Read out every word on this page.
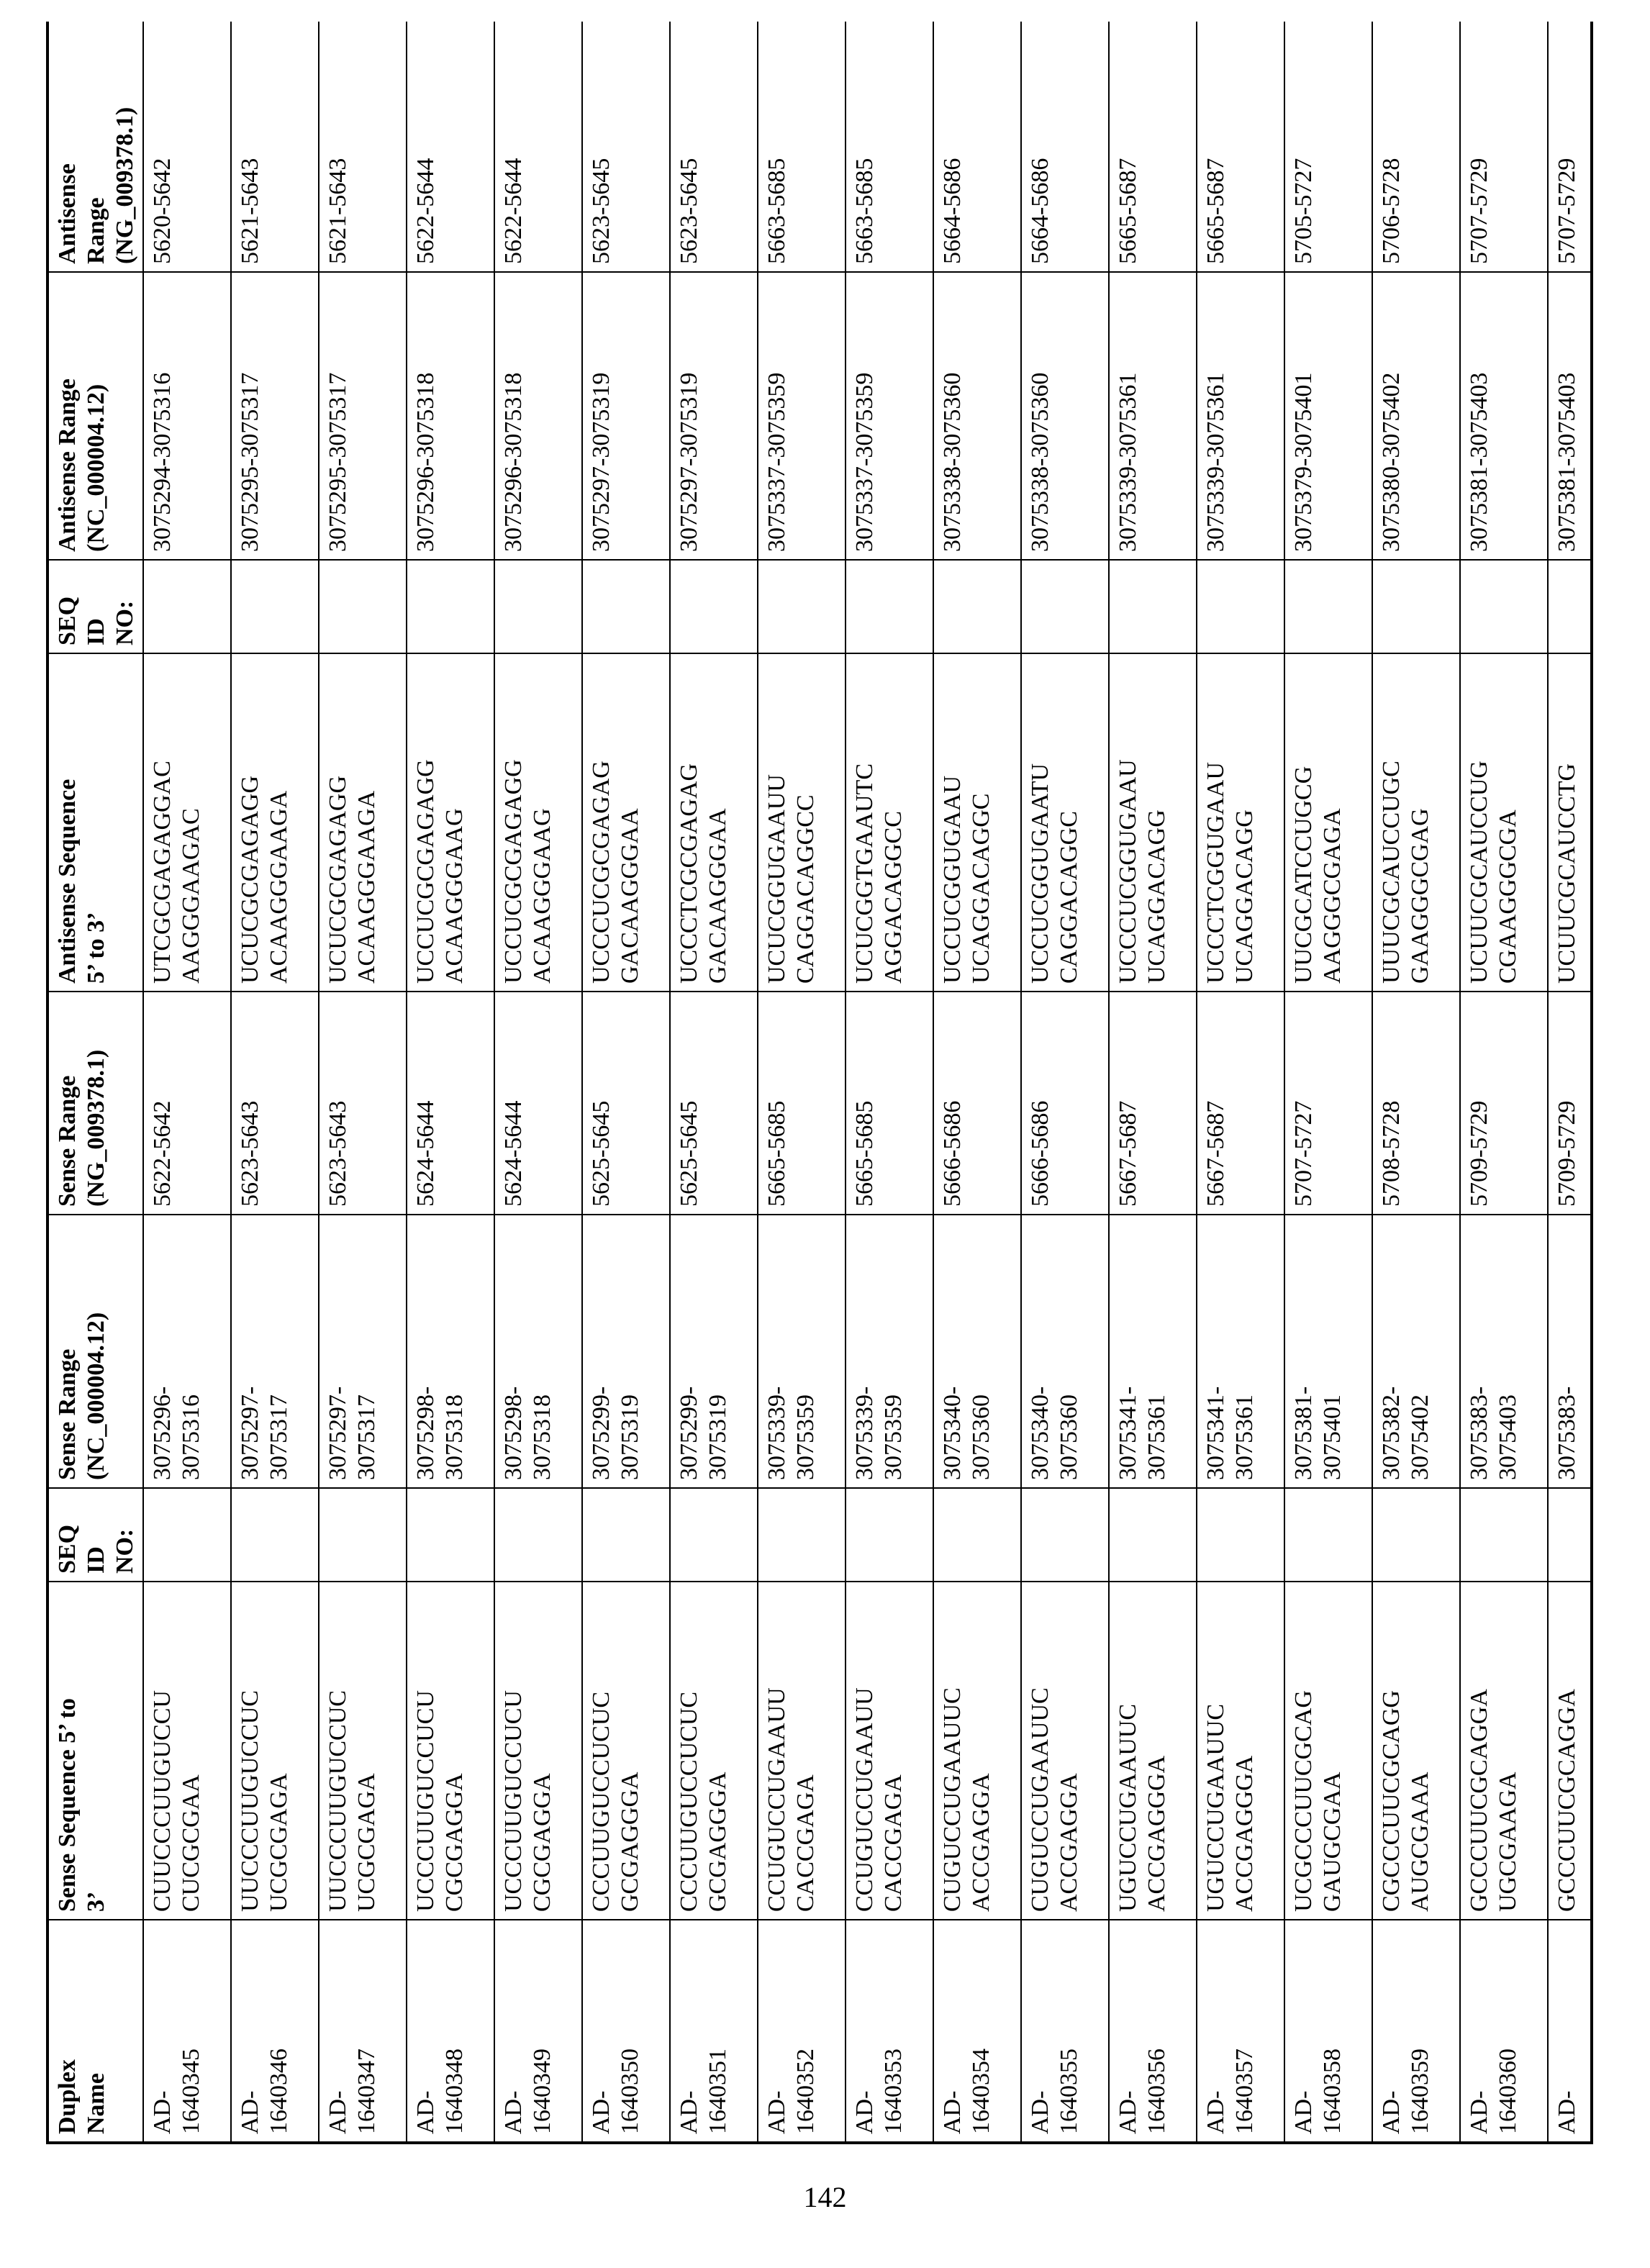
Duplex
Name	Sense Sequence 5’ to
3’	SEQ
ID
NO:	Sense Range
(NC_000004.12)	Sense Range
(NG_009378.1)	Antisense Sequence
5’ to 3’	SEQ
ID
NO:	Antisense Range
(NC_000004.12)	Antisense
Range
(NG_009378.1)
AD-
1640345	CUUCCCUUGUCCU
CUCGCGAA		3075296-
3075316	5622-5642	UTCGCGAGAGGAC
AAGGGAAGAC		3075294-3075316	5620-5642
AD-
1640346	UUCCCUUGUCCUC
UCGCGAGA		3075297-
3075317	5623-5643	UCUCGCGAGAGG
ACAAGGGAAGA		3075295-3075317	5621-5643
AD-
1640347	UUCCCUUGUCCUC
UCGCGAGA		3075297-
3075317	5623-5643	UCUCGCGAGAGG
ACAAGGGAAGA		3075295-3075317	5621-5643
AD-
1640348	UCCCUUGUCCUCU
CGCGAGGA		3075298-
3075318	5624-5644	UCCUCGCGAGAGG
ACAAGGGAAG		3075296-3075318	5622-5644
AD-
1640349	UCCCUUGUCCUCU
CGCGAGGA		3075298-
3075318	5624-5644	UCCUCGCGAGAGG
ACAAGGGAAG		3075296-3075318	5622-5644
AD-
1640350	CCCUUGUCCUCUC
GCGAGGGA		3075299-
3075319	5625-5645	UCCCUCGCGAGAG
GACAAGGGAA		3075297-3075319	5623-5645
AD-
1640351	CCCUUGUCCUCUC
GCGAGGGA		3075299-
3075319	5625-5645	UCCCTCGCGAGAG
GACAAGGGAA		3075297-3075319	5623-5645
AD-
1640352	CCUGUCCUGAAUU
CACCGAGA		3075339-
3075359	5665-5685	UCUCGGUGAAUU
CAGGACAGGCC		3075337-3075359	5663-5685
AD-
1640353	CCUGUCCUGAAUU
CACCGAGA		3075339-
3075359	5665-5685	UCUCGGTGAAUTC
AGGACAGGCC		3075337-3075359	5663-5685
AD-
1640354	CUGUCCUGAAUUC
ACCGAGGA		3075340-
3075360	5666-5686	UCCUCGGUGAAU
UCAGGACAGGC		3075338-3075360	5664-5686
AD-
1640355	CUGUCCUGAAUUC
ACCGAGGA		3075340-
3075360	5666-5686	UCCUCGGUGAATU
CAGGACAGGC		3075338-3075360	5664-5686
AD-
1640356	UGUCCUGAAUUC
ACCGAGGGA		3075341-
3075361	5667-5687	UCCCUCGGUGAAU
UCAGGACAGG		3075339-3075361	5665-5687
AD-
1640357	UGUCCUGAAUUC
ACCGAGGGA		3075341-
3075361	5667-5687	UCCCTCGGUGAAU
UCAGGACAGG		3075339-3075361	5665-5687
AD-
1640358	UCGCCCUUCGCAG
GAUGCGAA		3075381-
3075401	5707-5727	UUCGCATCCUGCG
AAGGGCGAGA		3075379-3075401	5705-5727
AD-
1640359	CGCCCUUCGCAGG
AUGCGAAA		3075382-
3075402	5708-5728	UUUCGCAUCCUGC
GAAGGGCGAG		3075380-3075402	5706-5728
AD-
1640360	GCCCUUCGCAGGA
UGCGAAGA		3075383-
3075403	5709-5729	UCUUCGCAUCCUG
CGAAGGGCGA		3075381-3075403	5707-5729
AD-	GCCCUUCGCAGGA		3075383-	5709-5729	UCUUCGCAUCCTG		3075381-3075403	5707-5729
142
